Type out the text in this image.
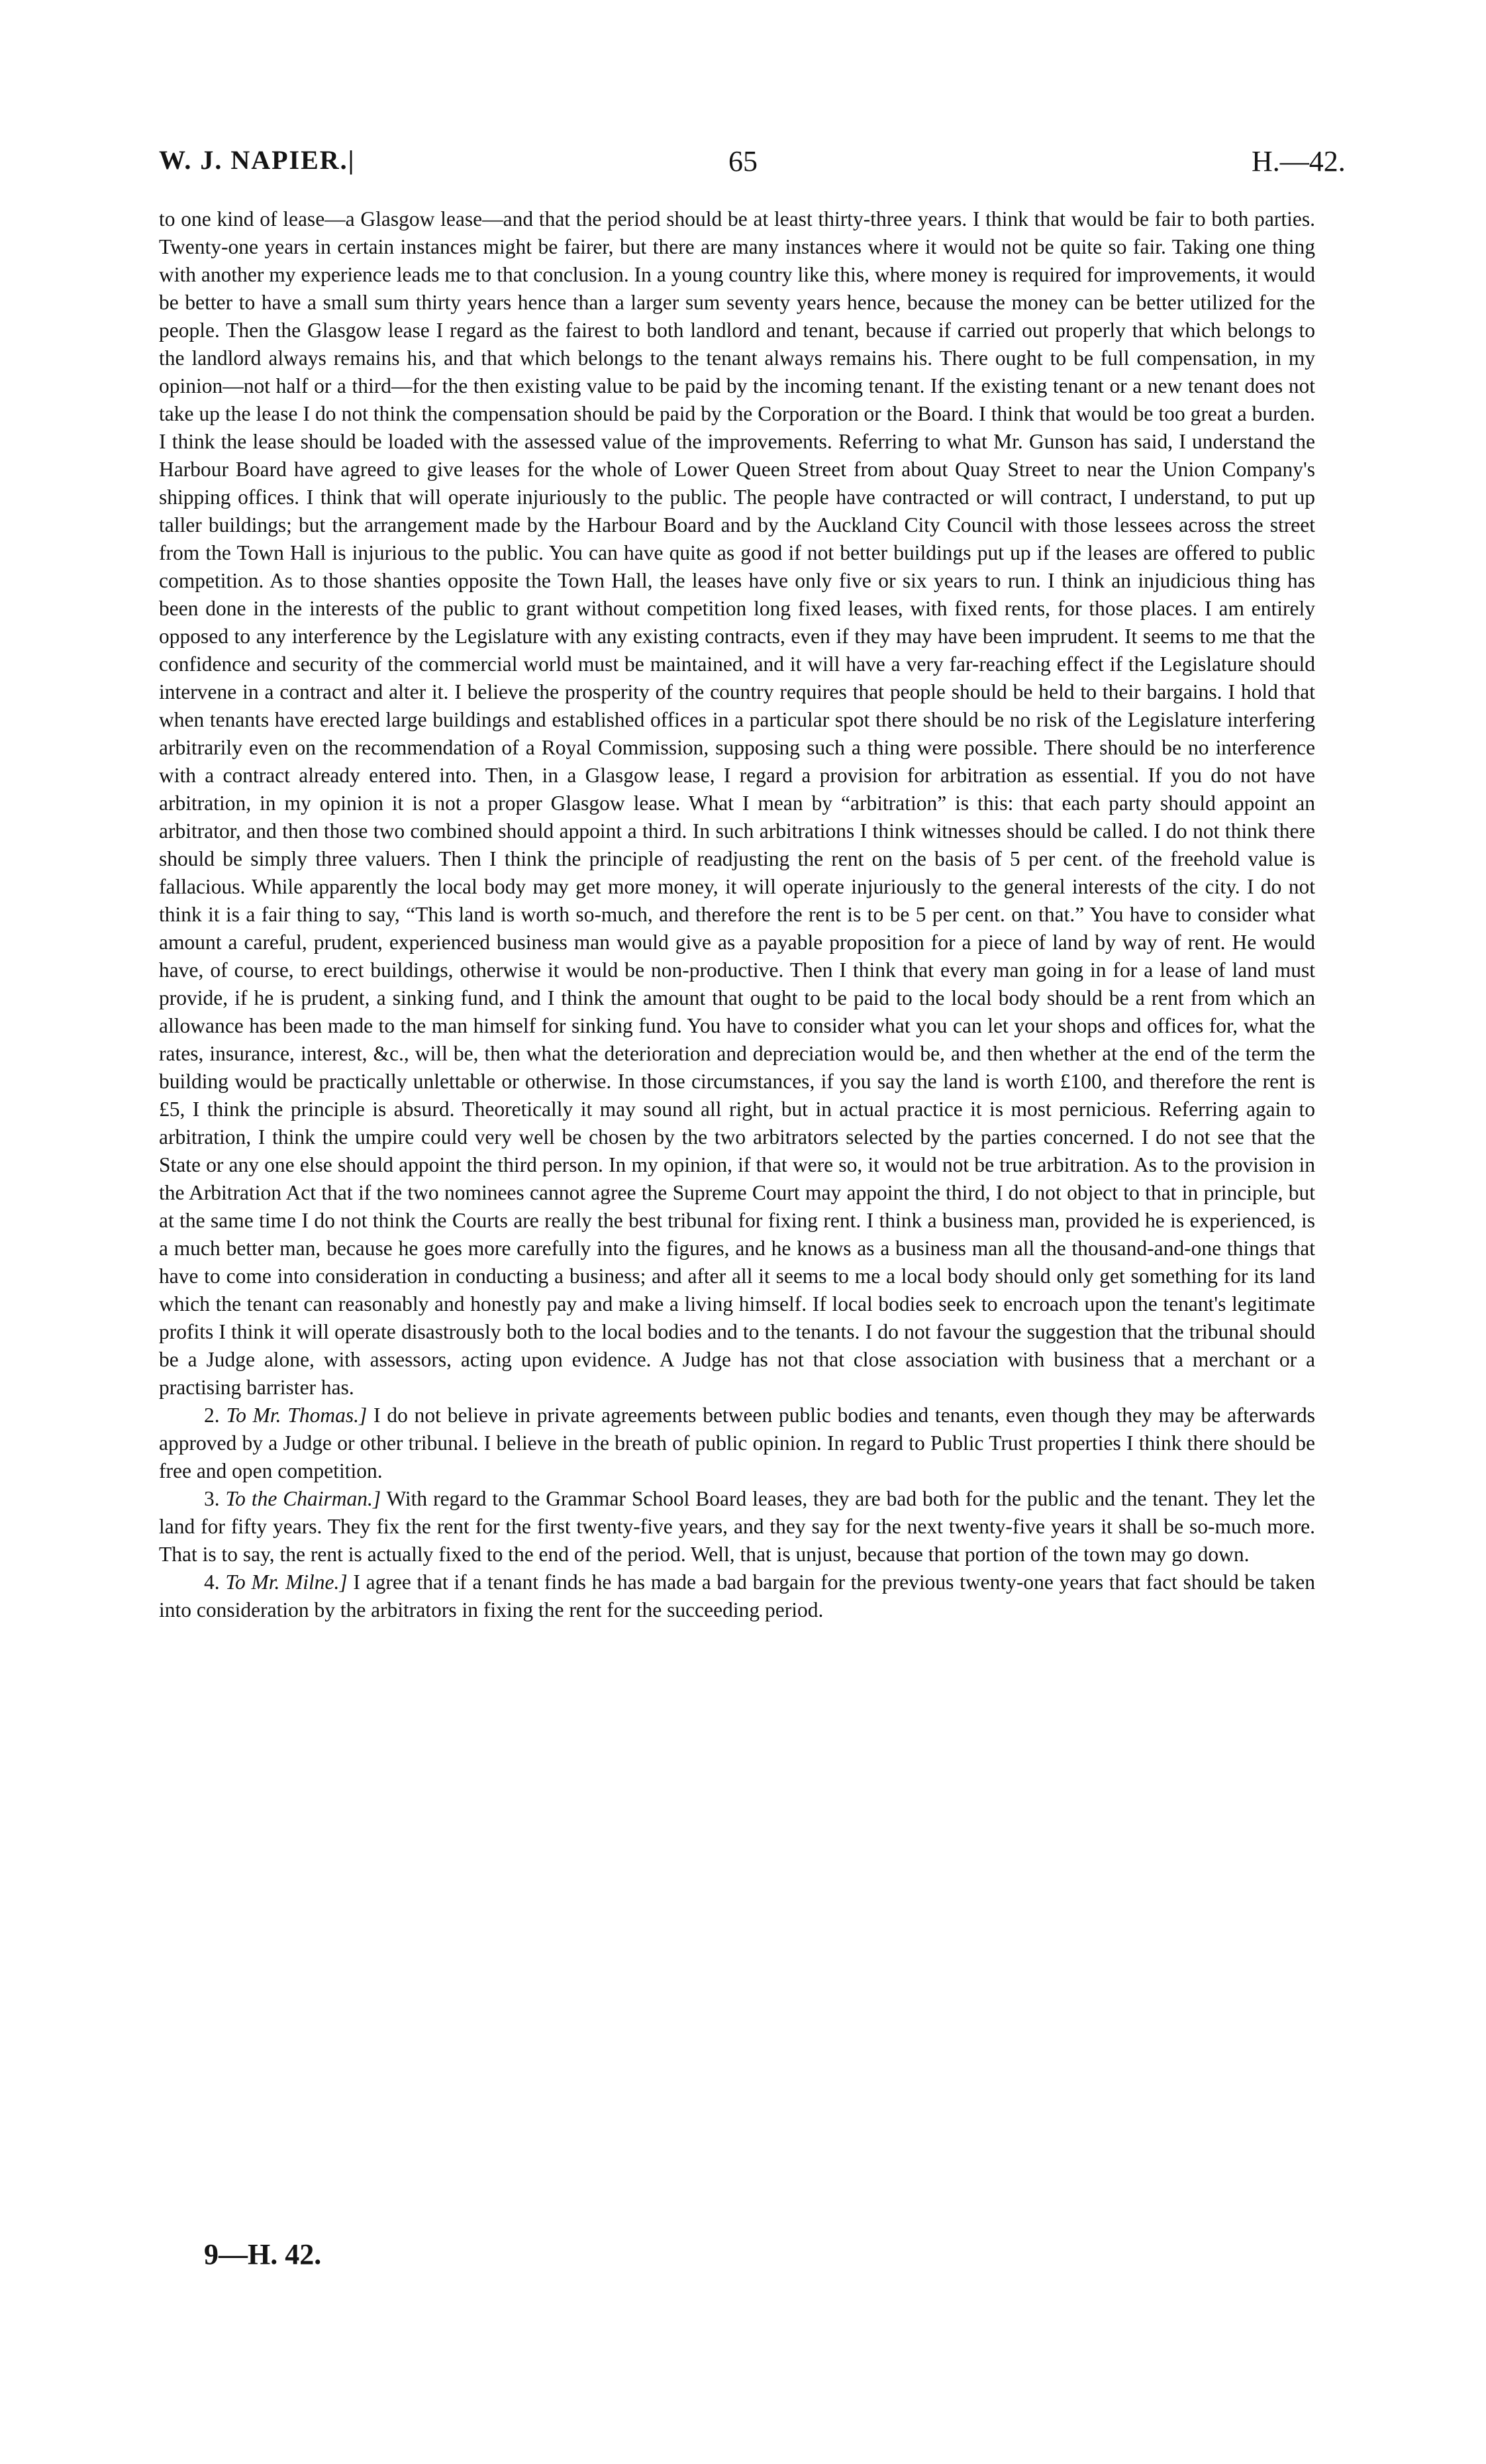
W. J. NAPIER.|	65	H.—42.

to one kind of lease—a Glasgow lease—and that the period should be at least thirty-three years. I think that would be fair to both parties. Twenty-one years in certain instances might be fairer, but there are many instances where it would not be quite so fair. Taking one thing with another my experience leads me to that conclusion. In a young country like this, where money is required for improvements, it would be better to have a small sum thirty years hence than a larger sum seventy years hence, because the money can be better utilized for the people. Then the Glasgow lease I regard as the fairest to both landlord and tenant, because if carried out properly that which belongs to the landlord always remains his, and that which belongs to the tenant always remains his. There ought to be full compensation, in my opinion—not half or a third—for the then existing value to be paid by the incoming tenant. If the existing tenant or a new tenant does not take up the lease I do not think the compensation should be paid by the Corporation or the Board. I think that would be too great a burden. I think the lease should be loaded with the assessed value of the improvements. Referring to what Mr. Gunson has said, I understand the Harbour Board have agreed to give leases for the whole of Lower Queen Street from about Quay Street to near the Union Company's shipping offices. I think that will operate injuriously to the public. The people have contracted or will contract, I understand, to put up taller buildings; but the arrangement made by the Harbour Board and by the Auckland City Council with those lessees across the street from the Town Hall is injurious to the public. You can have quite as good if not better buildings put up if the leases are offered to public competition. As to those shanties opposite the Town Hall, the leases have only five or six years to run. I think an injudicious thing has been done in the interests of the public to grant without competition long fixed leases, with fixed rents, for those places. I am entirely opposed to any interference by the Legislature with any existing contracts, even if they may have been imprudent. It seems to me that the confidence and security of the commercial world must be maintained, and it will have a very far-reaching effect if the Legislature should intervene in a contract and alter it. I believe the prosperity of the country requires that people should be held to their bargains. I hold that when tenants have erected large buildings and established offices in a particular spot there should be no risk of the Legislature interfering arbitrarily even on the recommendation of a Royal Commission, supposing such a thing were possible. There should be no interference with a contract already entered into. Then, in a Glasgow lease, I regard a provision for arbitration as essential. If you do not have arbitration, in my opinion it is not a proper Glasgow lease. What I mean by “arbitration” is this: that each party should appoint an arbitrator, and then those two combined should appoint a third. In such arbitrations I think witnesses should be called. I do not think there should be simply three valuers. Then I think the principle of readjusting the rent on the basis of 5 per cent. of the freehold value is fallacious. While apparently the local body may get more money, it will operate injuriously to the general interests of the city. I do not think it is a fair thing to say, “This land is worth so-much, and therefore the rent is to be 5 per cent. on that.” You have to consider what amount a careful, prudent, experienced business man would give as a payable proposition for a piece of land by way of rent. He would have, of course, to erect buildings, otherwise it would be non-productive. Then I think that every man going in for a lease of land must provide, if he is prudent, a sinking fund, and I think the amount that ought to be paid to the local body should be a rent from which an allowance has been made to the man himself for sinking fund. You have to consider what you can let your shops and offices for, what the rates, insurance, interest, &c., will be, then what the deterioration and depreciation would be, and then whether at the end of the term the building would be practically unlettable or otherwise. In those circumstances, if you say the land is worth £100, and therefore the rent is £5, I think the principle is absurd. Theoretically it may sound all right, but in actual practice it is most pernicious. Referring again to arbitration, I think the umpire could very well be chosen by the two arbitrators selected by the parties concerned. I do not see that the State or any one else should appoint the third person. In my opinion, if that were so, it would not be true arbitration. As to the provision in the Arbitration Act that if the two nominees cannot agree the Supreme Court may appoint the third, I do not object to that in principle, but at the same time I do not think the Courts are really the best tribunal for fixing rent. I think a business man, provided he is experienced, is a much better man, because he goes more carefully into the figures, and he knows as a business man all the thousand-and-one things that have to come into consideration in conducting a business; and after all it seems to me a local body should only get something for its land which the tenant can reasonably and honestly pay and make a living himself. If local bodies seek to encroach upon the tenant's legitimate profits I think it will operate disastrously both to the local bodies and to the tenants. I do not favour the suggestion that the tribunal should be a Judge alone, with assessors, acting upon evidence. A Judge has not that close association with business that a merchant or a practising barrister has.

2. To Mr. Thomas.] I do not believe in private agreements between public bodies and tenants, even though they may be afterwards approved by a Judge or other tribunal. I believe in the breath of public opinion. In regard to Public Trust properties I think there should be free and open competition.

3. To the Chairman.] With regard to the Grammar School Board leases, they are bad both for the public and the tenant. They let the land for fifty years. They fix the rent for the first twenty-five years, and they say for the next twenty-five years it shall be so-much more. That is to say, the rent is actually fixed to the end of the period. Well, that is unjust, because that portion of the town may go down.

4. To Mr. Milne.] I agree that if a tenant finds he has made a bad bargain for the previous twenty-one years that fact should be taken into consideration by the arbitrators in fixing the rent for the succeeding period.

9—H. 42.
